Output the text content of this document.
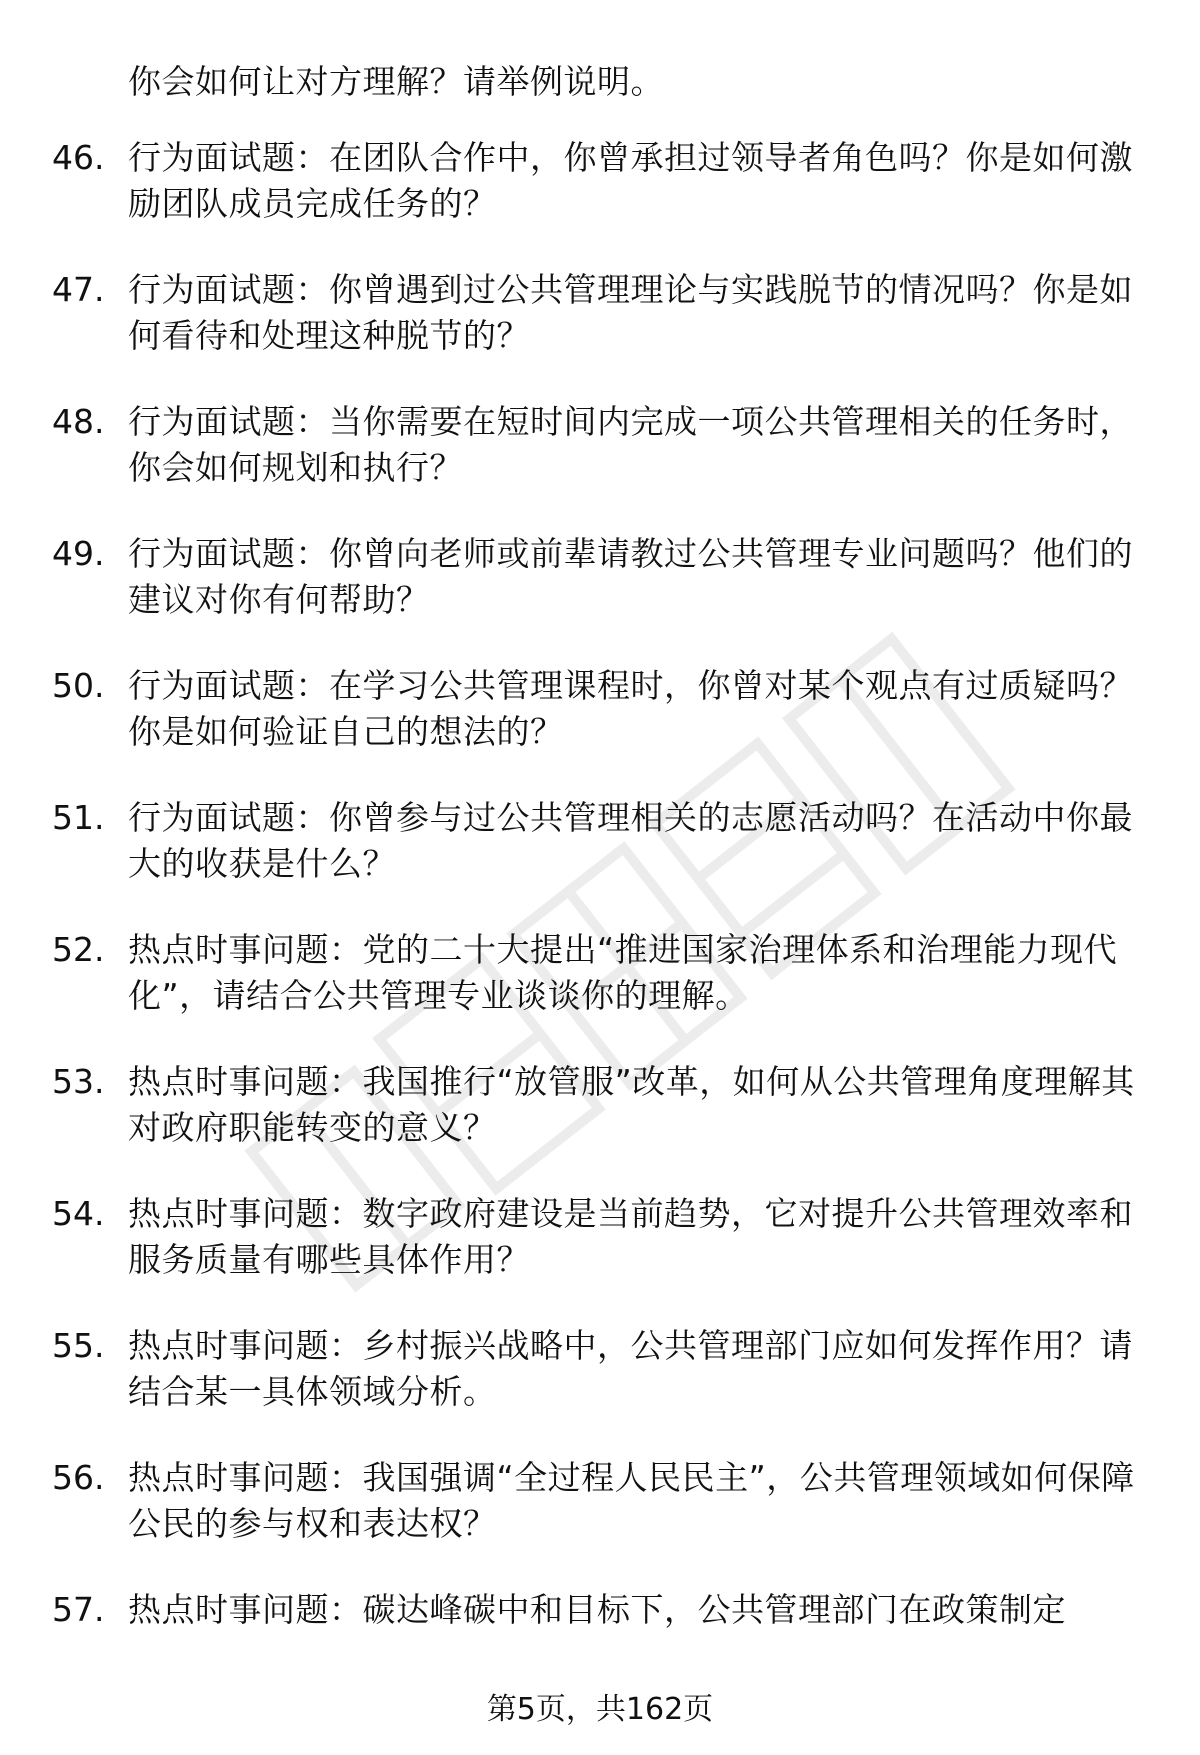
你会如何让对方理解？请举例说明。
46. 行为面试题：在团队合作中，你曾承担过领导者角色吗？你是如何激励团队成员完成任务的？
47. 行为面试题：你曾遇到过公共管理理论与实践脱节的情况吗？你是如何看待和处理这种脱节的？
48. 行为面试题：当你需要在短时间内完成一项公共管理相关的任务时，你会如何规划和执行？
49. 行为面试题：你曾向老师或前辈请教过公共管理专业问题吗？他们的建议对你有何帮助？
50. 行为面试题：在学习公共管理课程时，你曾对某个观点有过质疑吗？你是如何验证自己的想法的？
51. 行为面试题：你曾参与过公共管理相关的志愿活动吗？在活动中你最大的收获是什么？
52. 热点时事问题：党的二十大提出“推进国家治理体系和治理能力现代化”，请结合公共管理专业谈谈你的理解。
53. 热点时事问题：我国推行“放管服”改革，如何从公共管理角度理解其对政府职能转变的意义？
54. 热点时事问题：数字政府建设是当前趋势，它对提升公共管理效率和服务质量有哪些具体作用？
55. 热点时事问题：乡村振兴战略中，公共管理部门应如何发挥作用？请结合某一具体领域分析。
56. 热点时事问题：我国强调“全过程人民民主”，公共管理领域如何保障公民的参与权和表达权？
57. 热点时事问题：碳达峰碳中和目标下，公共管理部门在政策制定
第5页，共162页
